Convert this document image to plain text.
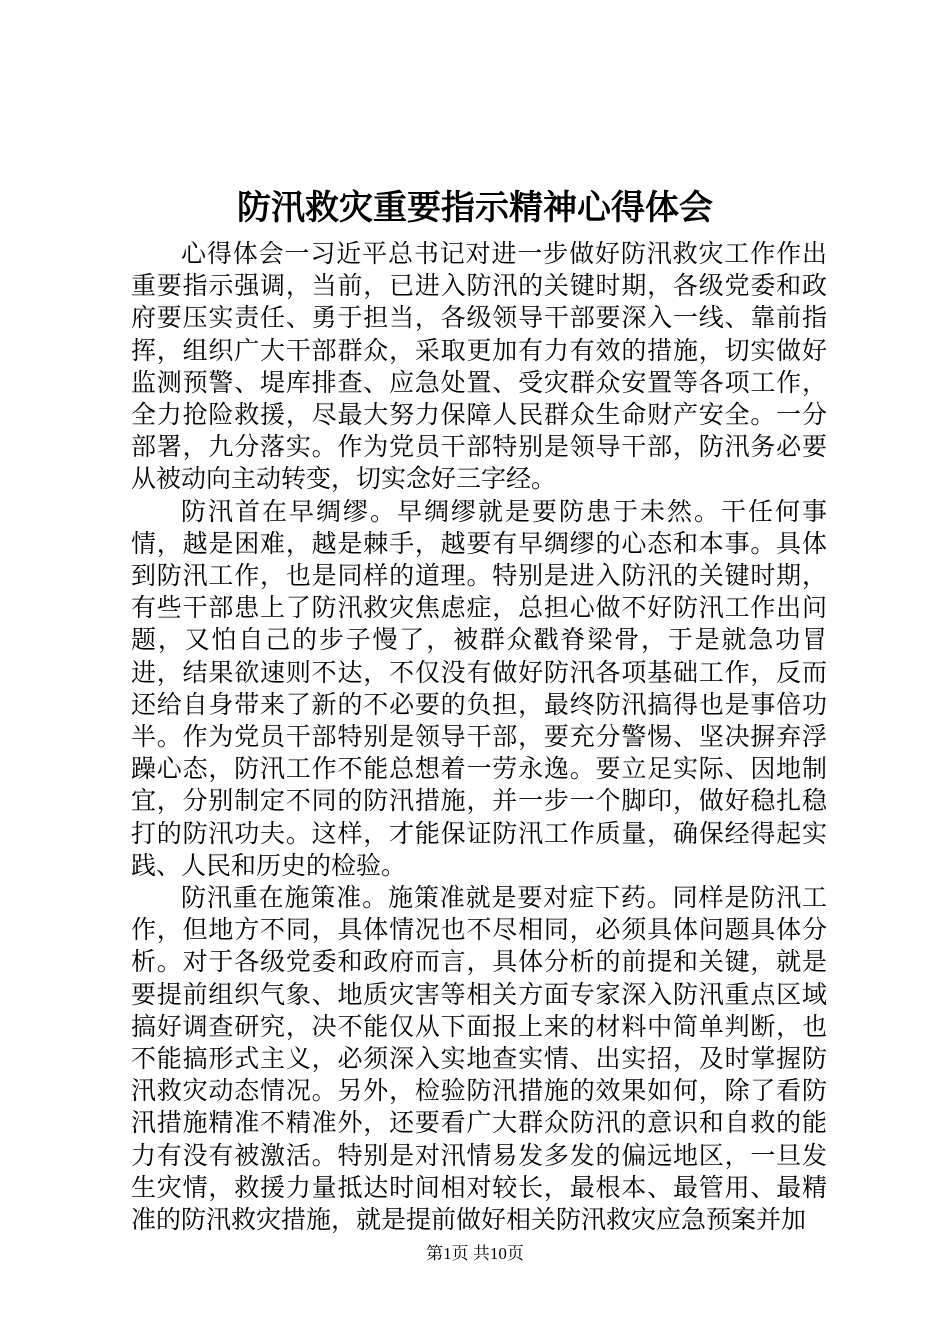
防汛救灾重要指示精神心得体会

心得体会一习近平总书记对进一步做好防汛救灾工作作出重要指示强调，当前，已进入防汛的关键时期，各级党委和政府要压实责任、勇于担当，各级领导干部要深入一线、靠前指挥，组织广大干部群众，采取更加有力有效的措施，切实做好监测预警、堤库排查、应急处置、受灾群众安置等各项工作，全力抢险救援，尽最大努力保障人民群众生命财产安全。一分部署，九分落实。作为党员干部特别是领导干部，防汛务必要从被动向主动转变，切实念好三字经。

防汛首在早绸缪。早绸缪就是要防患于未然。干任何事情，越是困难，越是棘手，越要有早绸缪的心态和本事。具体到防汛工作，也是同样的道理。特别是进入防汛的关键时期，有些干部患上了防汛救灾焦虑症，总担心做不好防汛工作出问题，又怕自己的步子慢了，被群众戳脊梁骨，于是就急功冒进，结果欲速则不达，不仅没有做好防汛各项基础工作，反而还给自身带来了新的不必要的负担，最终防汛搞得也是事倍功半。作为党员干部特别是领导干部，要充分警惕、坚决摒弃浮躁心态，防汛工作不能总想着一劳永逸。要立足实际、因地制宜，分别制定不同的防汛措施，并一步一个脚印，做好稳扎稳打的防汛功夫。这样，才能保证防汛工作质量，确保经得起实践、人民和历史的检验。

防汛重在施策准。施策准就是要对症下药。同样是防汛工作，但地方不同，具体情况也不尽相同，必须具体问题具体分析。对于各级党委和政府而言，具体分析的前提和关键，就是要提前组织气象、地质灾害等相关方面专家深入防汛重点区域搞好调查研究，决不能仅从下面报上来的材料中简单判断，也不能搞形式主义，必须深入实地查实情、出实招，及时掌握防汛救灾动态情况。另外，检验防汛措施的效果如何，除了看防汛措施精准不精准外，还要看广大群众防汛的意识和自救的能力有没有被激活。特别是对汛情易发多发的偏远地区，一旦发生灾情，救援力量抵达时间相对较长，最根本、最管用、最精准的防汛救灾措施，就是提前做好相关防汛救灾应急预案并加

第1页 共10页
